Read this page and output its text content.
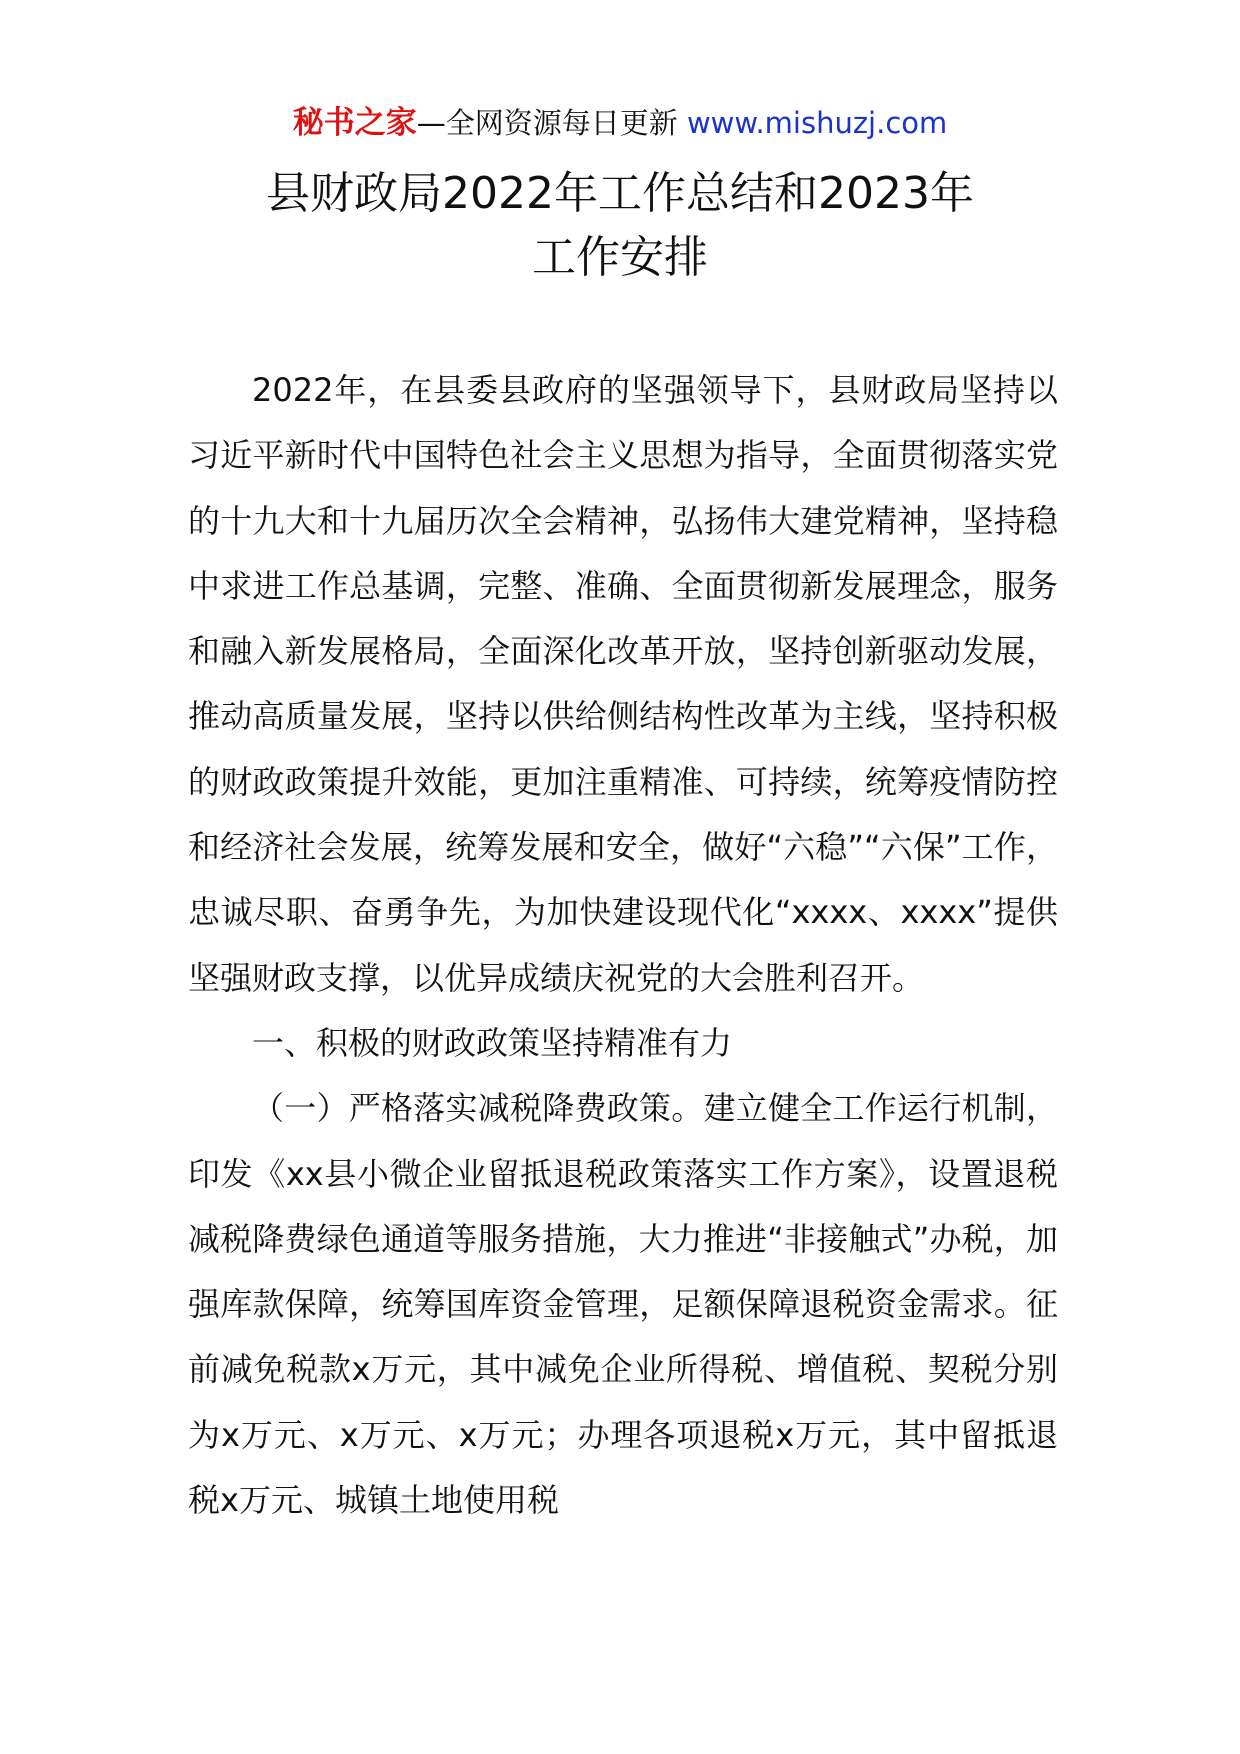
秘书之家—全网资源每日更新 www.mishuzj.com
县财政局2022年工作总结和2023年
工作安排

2022年，在县委县政府的坚强领导下，县财政局坚持以习近平新时代中国特色社会主义思想为指导，全面贯彻落实党的十九大和十九届历次全会精神，弘扬伟大建党精神，坚持稳中求进工作总基调，完整、准确、全面贯彻新发展理念，服务和融入新发展格局，全面深化改革开放，坚持创新驱动发展，推动高质量发展，坚持以供给侧结构性改革为主线，坚持积极的财政政策提升效能，更加注重精准、可持续，统筹疫情防控和经济社会发展，统筹发展和安全，做好“六稳”“六保”工作，忠诚尽职、奋勇争先，为加快建设现代化“xxxx、xxxx”提供坚强财政支撑，以优异成绩庆祝党的大会胜利召开。

一、积极的财政政策坚持精准有力

（一）严格落实减税降费政策。建立健全工作运行机制，印发《xx县小微企业留抵退税政策落实工作方案》，设置退税减税降费绿色通道等服务措施，大力推进“非接触式”办税，加强库款保障，统筹国库资金管理，足额保障退税资金需求。征前减免税款x万元，其中减免企业所得税、增值税、契税分别为x万元、x万元、x万元；办理各项退税x万元，其中留抵退税x万元、城镇土地使用税
